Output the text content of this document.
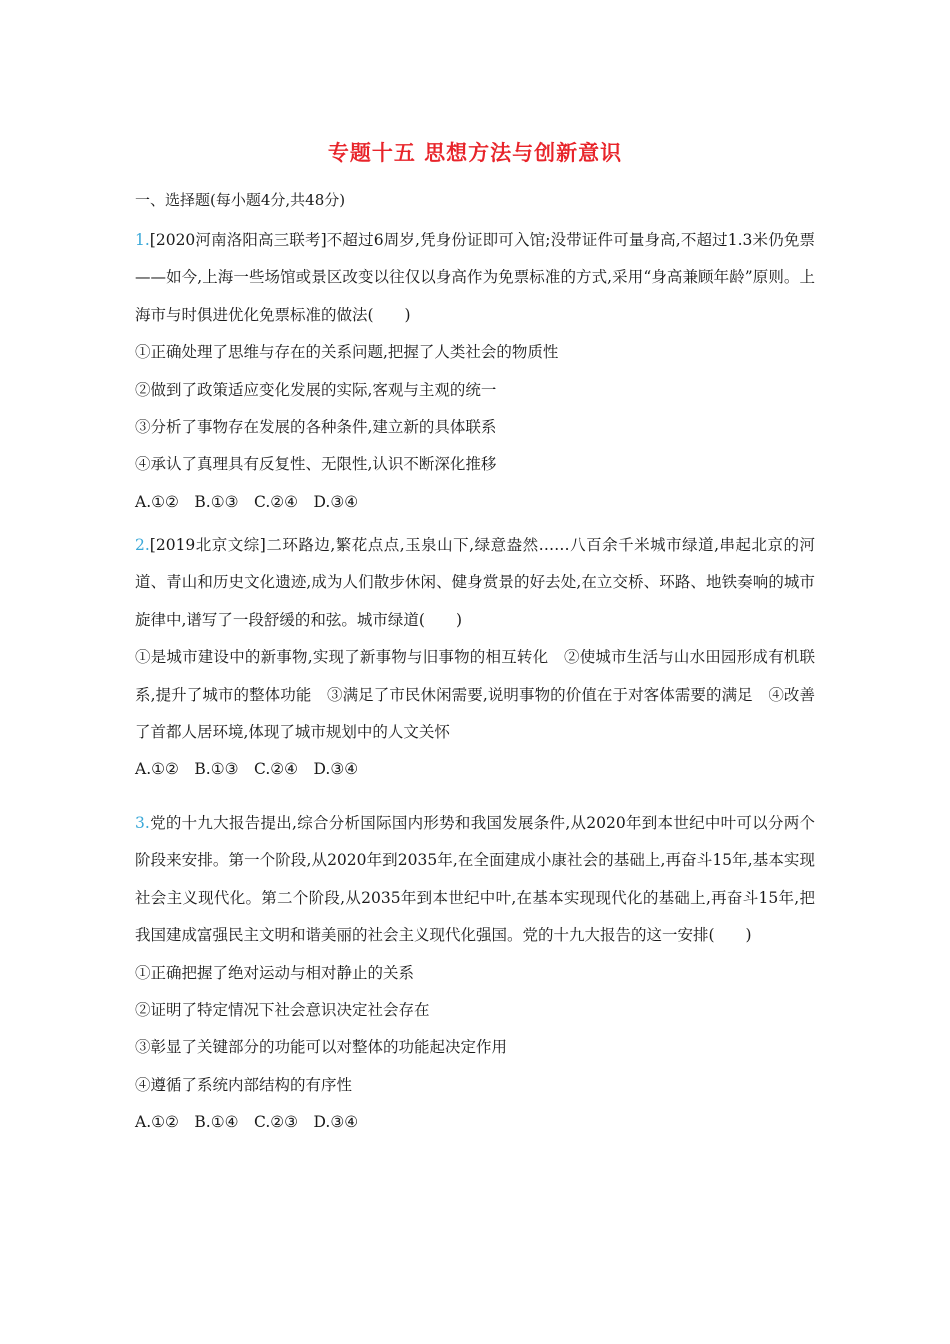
专题十五 思想方法与创新意识

一、选择题(每小题4分,共48分)

1.[2020河南洛阳高三联考]不超过6周岁,凭身份证即可入馆;没带证件可量身高,不超过1.3米仍免票——如今,上海一些场馆或景区改变以往仅以身高作为免票标准的方式,采用“身高兼顾年龄”原则。上海市与时俱进优化免票标准的做法(　　)

①正确处理了思维与存在的关系问题,把握了人类社会的物质性

②做到了政策适应变化发展的实际,客观与主观的统一

③分析了事物存在发展的各种条件,建立新的具体联系

④承认了真理具有反复性、无限性,认识不断深化推移

A.①②　B.①③　C.②④　D.③④

2.[2019北京文综]二环路边,繁花点点,玉泉山下,绿意盎然……八百余千米城市绿道,串起北京的河道、青山和历史文化遗迹,成为人们散步休闲、健身赏景的好去处,在立交桥、环路、地铁奏响的城市旋律中,谱写了一段舒缓的和弦。城市绿道(　　)

①是城市建设中的新事物,实现了新事物与旧事物的相互转化　②使城市生活与山水田园形成有机联系,提升了城市的整体功能　③满足了市民休闲需要,说明事物的价值在于对客体需要的满足　④改善了首都人居环境,体现了城市规划中的人文关怀

A.①②　B.①③　C.②④　D.③④

3.党的十九大报告提出,综合分析国际国内形势和我国发展条件,从2020年到本世纪中叶可以分两个阶段来安排。第一个阶段,从2020年到2035年,在全面建成小康社会的基础上,再奋斗15年,基本实现社会主义现代化。第二个阶段,从2035年到本世纪中叶,在基本实现现代化的基础上,再奋斗15年,把我国建成富强民主文明和谐美丽的社会主义现代化强国。党的十九大报告的这一安排(　　)

①正确把握了绝对运动与相对静止的关系

②证明了特定情况下社会意识决定社会存在

③彰显了关键部分的功能可以对整体的功能起决定作用

④遵循了系统内部结构的有序性

A.①②　B.①④　C.②③　D.③④
